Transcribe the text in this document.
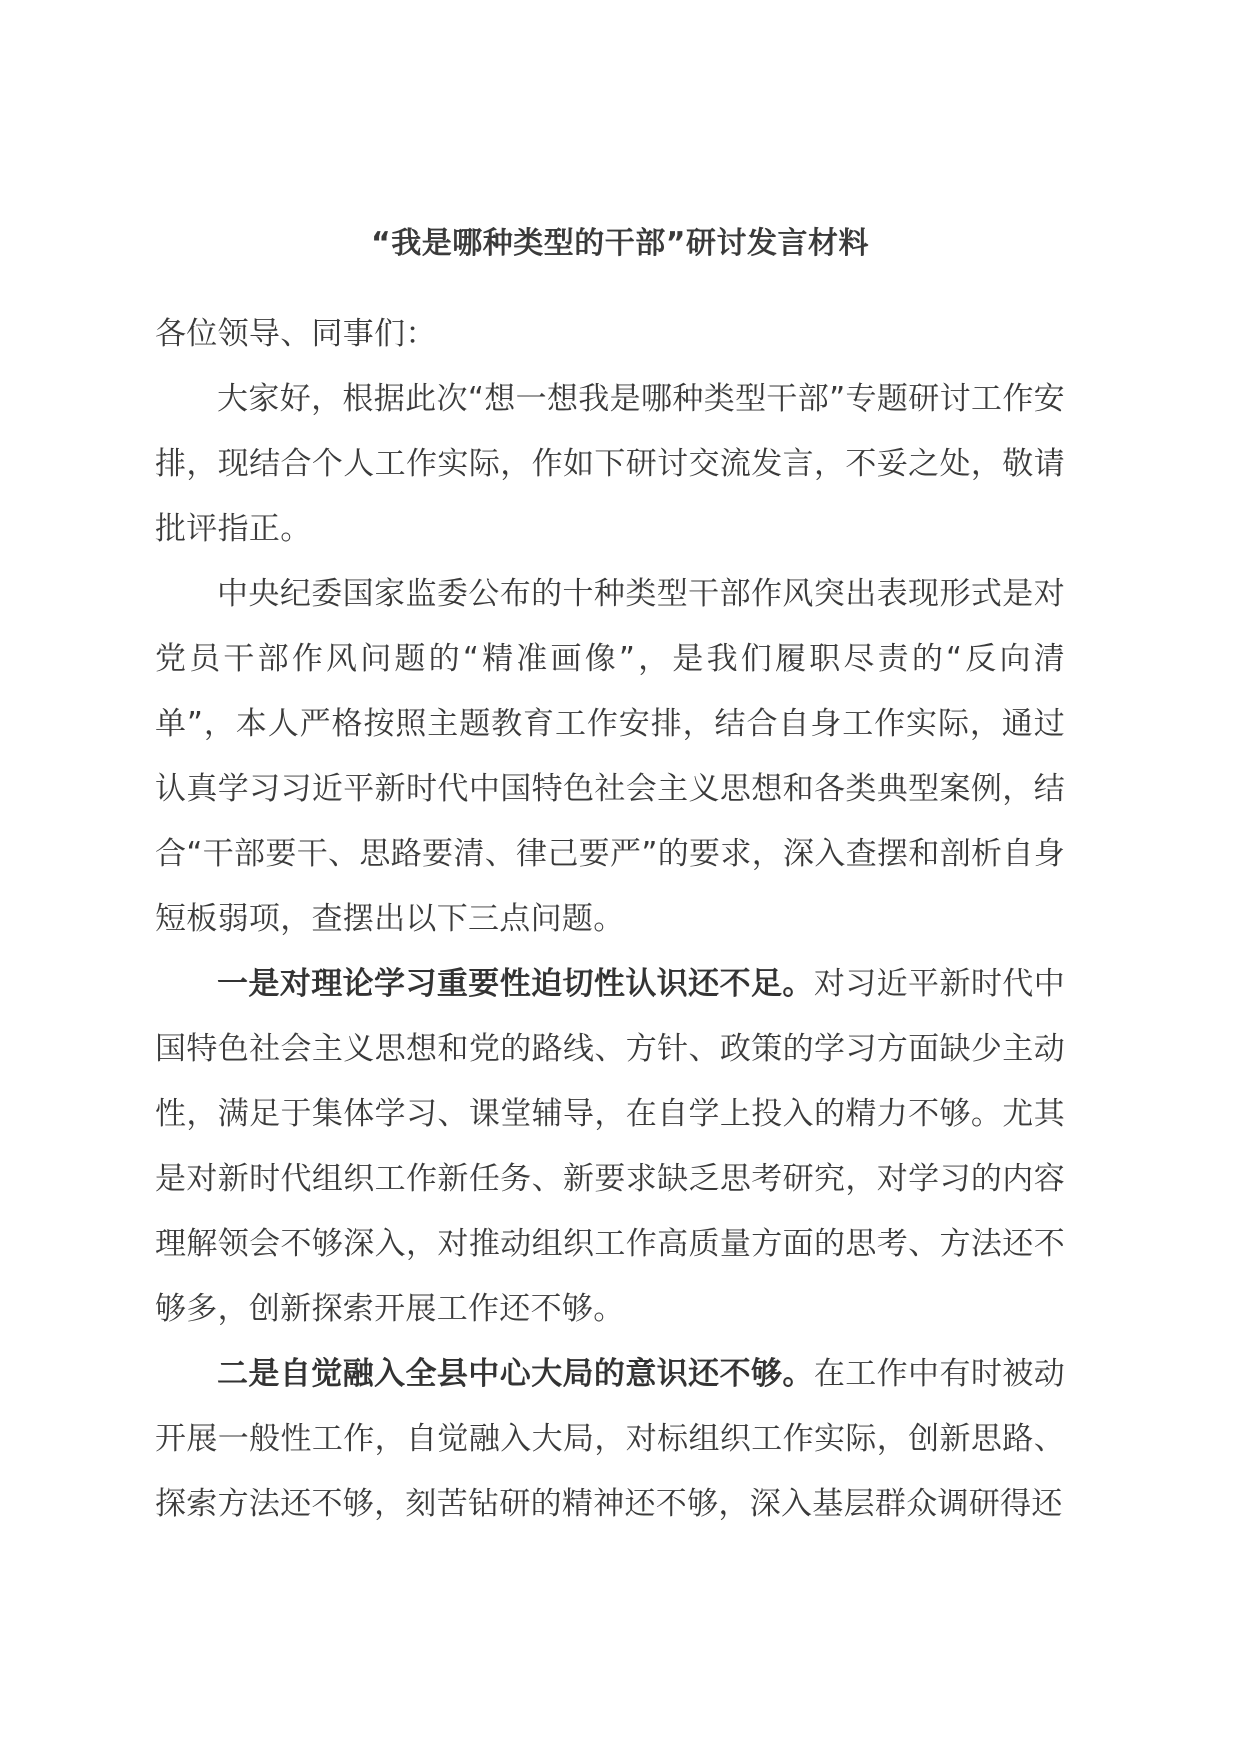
“我是哪种类型的干部”研讨发言材料

各位领导、同事们：

大家好，根据此次“想一想我是哪种类型干部”专题研讨工作安排，现结合个人工作实际，作如下研讨交流发言，不妥之处，敬请批评指正。

中央纪委国家监委公布的十种类型干部作风突出表现形式是对党员干部作风问题的“精准画像”，是我们履职尽责的“反向清单”，本人严格按照主题教育工作安排，结合自身工作实际，通过认真学习习近平新时代中国特色社会主义思想和各类典型案例，结合“干部要干、思路要清、律己要严”的要求，深入查摆和剖析自身短板弱项，查摆出以下三点问题。

一是对理论学习重要性迫切性认识还不足。对习近平新时代中国特色社会主义思想和党的路线、方针、政策的学习方面缺少主动性，满足于集体学习、课堂辅导，在自学上投入的精力不够。尤其是对新时代组织工作新任务、新要求缺乏思考研究，对学习的内容理解领会不够深入，对推动组织工作高质量方面的思考、方法还不够多，创新探索开展工作还不够。

二是自觉融入全县中心大局的意识还不够。在工作中有时被动开展一般性工作，自觉融入大局，对标组织工作实际，创新思路、探索方法还不够，刻苦钻研的精神还不够，深入基层群众调研得还
